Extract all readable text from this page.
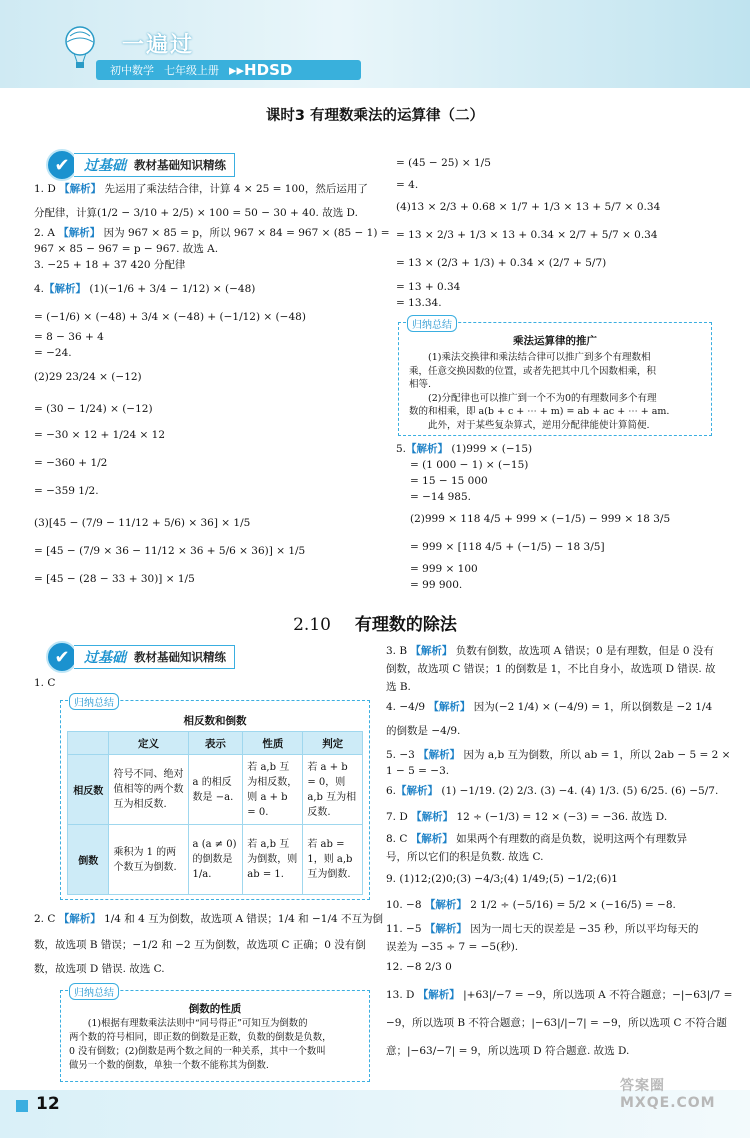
一遍过
初中数学 七年级上册 ▸▸HDSD
课时3 有理数乘法的运算律（二）
✔	过基础 教材基础知识精练
1. D 【解析】 先运用了乘法结合律，计算 4 × 25 = 100，然后运用了
分配律，计算(1/2 − 3/10 + 2/5) × 100 = 50 − 30 + 40. 故选 D.
2. A 【解析】 因为 967 × 85 = p，所以 967 × 84 = 967 × (85 − 1) =
967 × 85 − 967 = p − 967. 故选 A.
3. −25 + 18 + 37 420 分配律
4.【解析】 (1)(−1/6 + 3/4 − 1/12) × (−48)
= (−1/6) × (−48) + 3/4 × (−48) + (−1/12) × (−48)
= 8 − 36 + 4
= −24.
(2)29 23/24 × (−12)
= (30 − 1/24) × (−12)
= −30 × 12 + 1/24 × 12
= −360 + 1/2
= −359 1/2.
(3)[45 − (7/9 − 11/12 + 5/6) × 36] × 1/5
= [45 − (7/9 × 36 − 11/12 × 36 + 5/6 × 36)] × 1/5
= [45 − (28 − 33 + 30)] × 1/5
= (45 − 25) × 1/5
= 4.
(4)13 × 2/3 + 0.68 × 1/7 + 1/3 × 13 + 5/7 × 0.34
= 13 × 2/3 + 1/3 × 13 + 0.34 × 2/7 + 5/7 × 0.34
= 13 × (2/3 + 1/3) + 0.34 × (2/7 + 5/7)
= 13 + 0.34
= 13.34.
归纳总结
乘法运算律的推广
(1)乘法交换律和乘法结合律可以推广到多个有理数相
乘，任意交换因数的位置，或者先把其中几个因数相乘，积
相等.
(2)分配律也可以推广到一个不为0的有理数同多个有理
数的和相乘，即 a(b + c + ⋯ + m) = ab + ac + ⋯ + am.
此外，对于某些复杂算式，逆用分配律能使计算简便.
5.【解析】 (1)999 × (−15)
= (1 000 − 1) × (−15)
= 15 − 15 000
= −14 985.
(2)999 × 118 4/5 + 999 × (−1/5) − 999 × 18 3/5
= 999 × [118 4/5 + (−1/5) − 18 3/5]
= 999 × 100
= 99 900.
2.10 有理数的除法
✔	过基础 教材基础知识精练
1. C
归纳总结
相反数和倒数
	定义	表示	性质	判定
相反数	符号不同、绝对值相等的两个数互为相反数.	a 的相反数是 −a.	若 a,b 互为相反数，则 a + b = 0.	若 a + b = 0，则 a,b 互为相反数.
倒数	乘积为 1 的两个数互为倒数.	a (a ≠ 0) 的倒数是 1/a.	若 a,b 互为倒数，则 ab = 1.	若 ab = 1，则 a,b 互为倒数.
2. C 【解析】 1/4 和 4 互为倒数，故选项 A 错误；1/4 和 −1/4 不互为倒
数，故选项 B 错误；−1/2 和 −2 互为倒数，故选项 C 正确；0 没有倒
数，故选项 D 错误. 故选 C.
归纳总结
倒数的性质
(1)根据有理数乘法法则中“同号得正”可知互为倒数的
两个数的符号相同，即正数的倒数是正数，负数的倒数是负数，
0 没有倒数；(2)倒数是两个数之间的一种关系，其中一个数叫
做另一个数的倒数，单独一个数不能称其为倒数.
3. B 【解析】 负数有倒数，故选项 A 错误；0 是有理数，但是 0 没有
倒数，故选项 C 错误；1 的倒数是 1，不比自身小，故选项 D 错误. 故
选 B.
4. −4/9 【解析】 因为(−2 1/4) × (−4/9) = 1，所以倒数是 −2 1/4
的倒数是 −4/9.
5. −3 【解析】 因为 a,b 互为倒数，所以 ab = 1，所以 2ab − 5 = 2 ×
1 − 5 = −3.
6.【解析】 (1) −1/19. (2) 2/3. (3) −4. (4) 1/3. (5) 6/25. (6) −5/7.
7. D 【解析】 12 ÷ (−1/3) = 12 × (−3) = −36. 故选 D.
8. C 【解析】 如果两个有理数的商是负数，说明这两个有理数异
号，所以它们的积是负数. 故选 C.
9. (1)12;(2)0;(3) −4/3;(4) 1/49;(5) −1/2;(6)1
10. −8 【解析】 2 1/2 ÷ (−5/16) = 5/2 × (−16/5) = −8.
11. −5 【解析】 因为一周七天的误差是 −35 秒，所以平均每天的
误差为 −35 ÷ 7 = −5(秒).
12. −8 2/3 0
13. D 【解析】 |+63|/−7 = −9，所以选项 A 不符合题意；−|−63|/7 =
−9，所以选项 B 不符合题意；|−63|/|−7| = −9，所以选项 C 不符合题
意；|−63/−7| = 9，所以选项 D 符合题意. 故选 D.
12
答案圈 MXQE.COM
